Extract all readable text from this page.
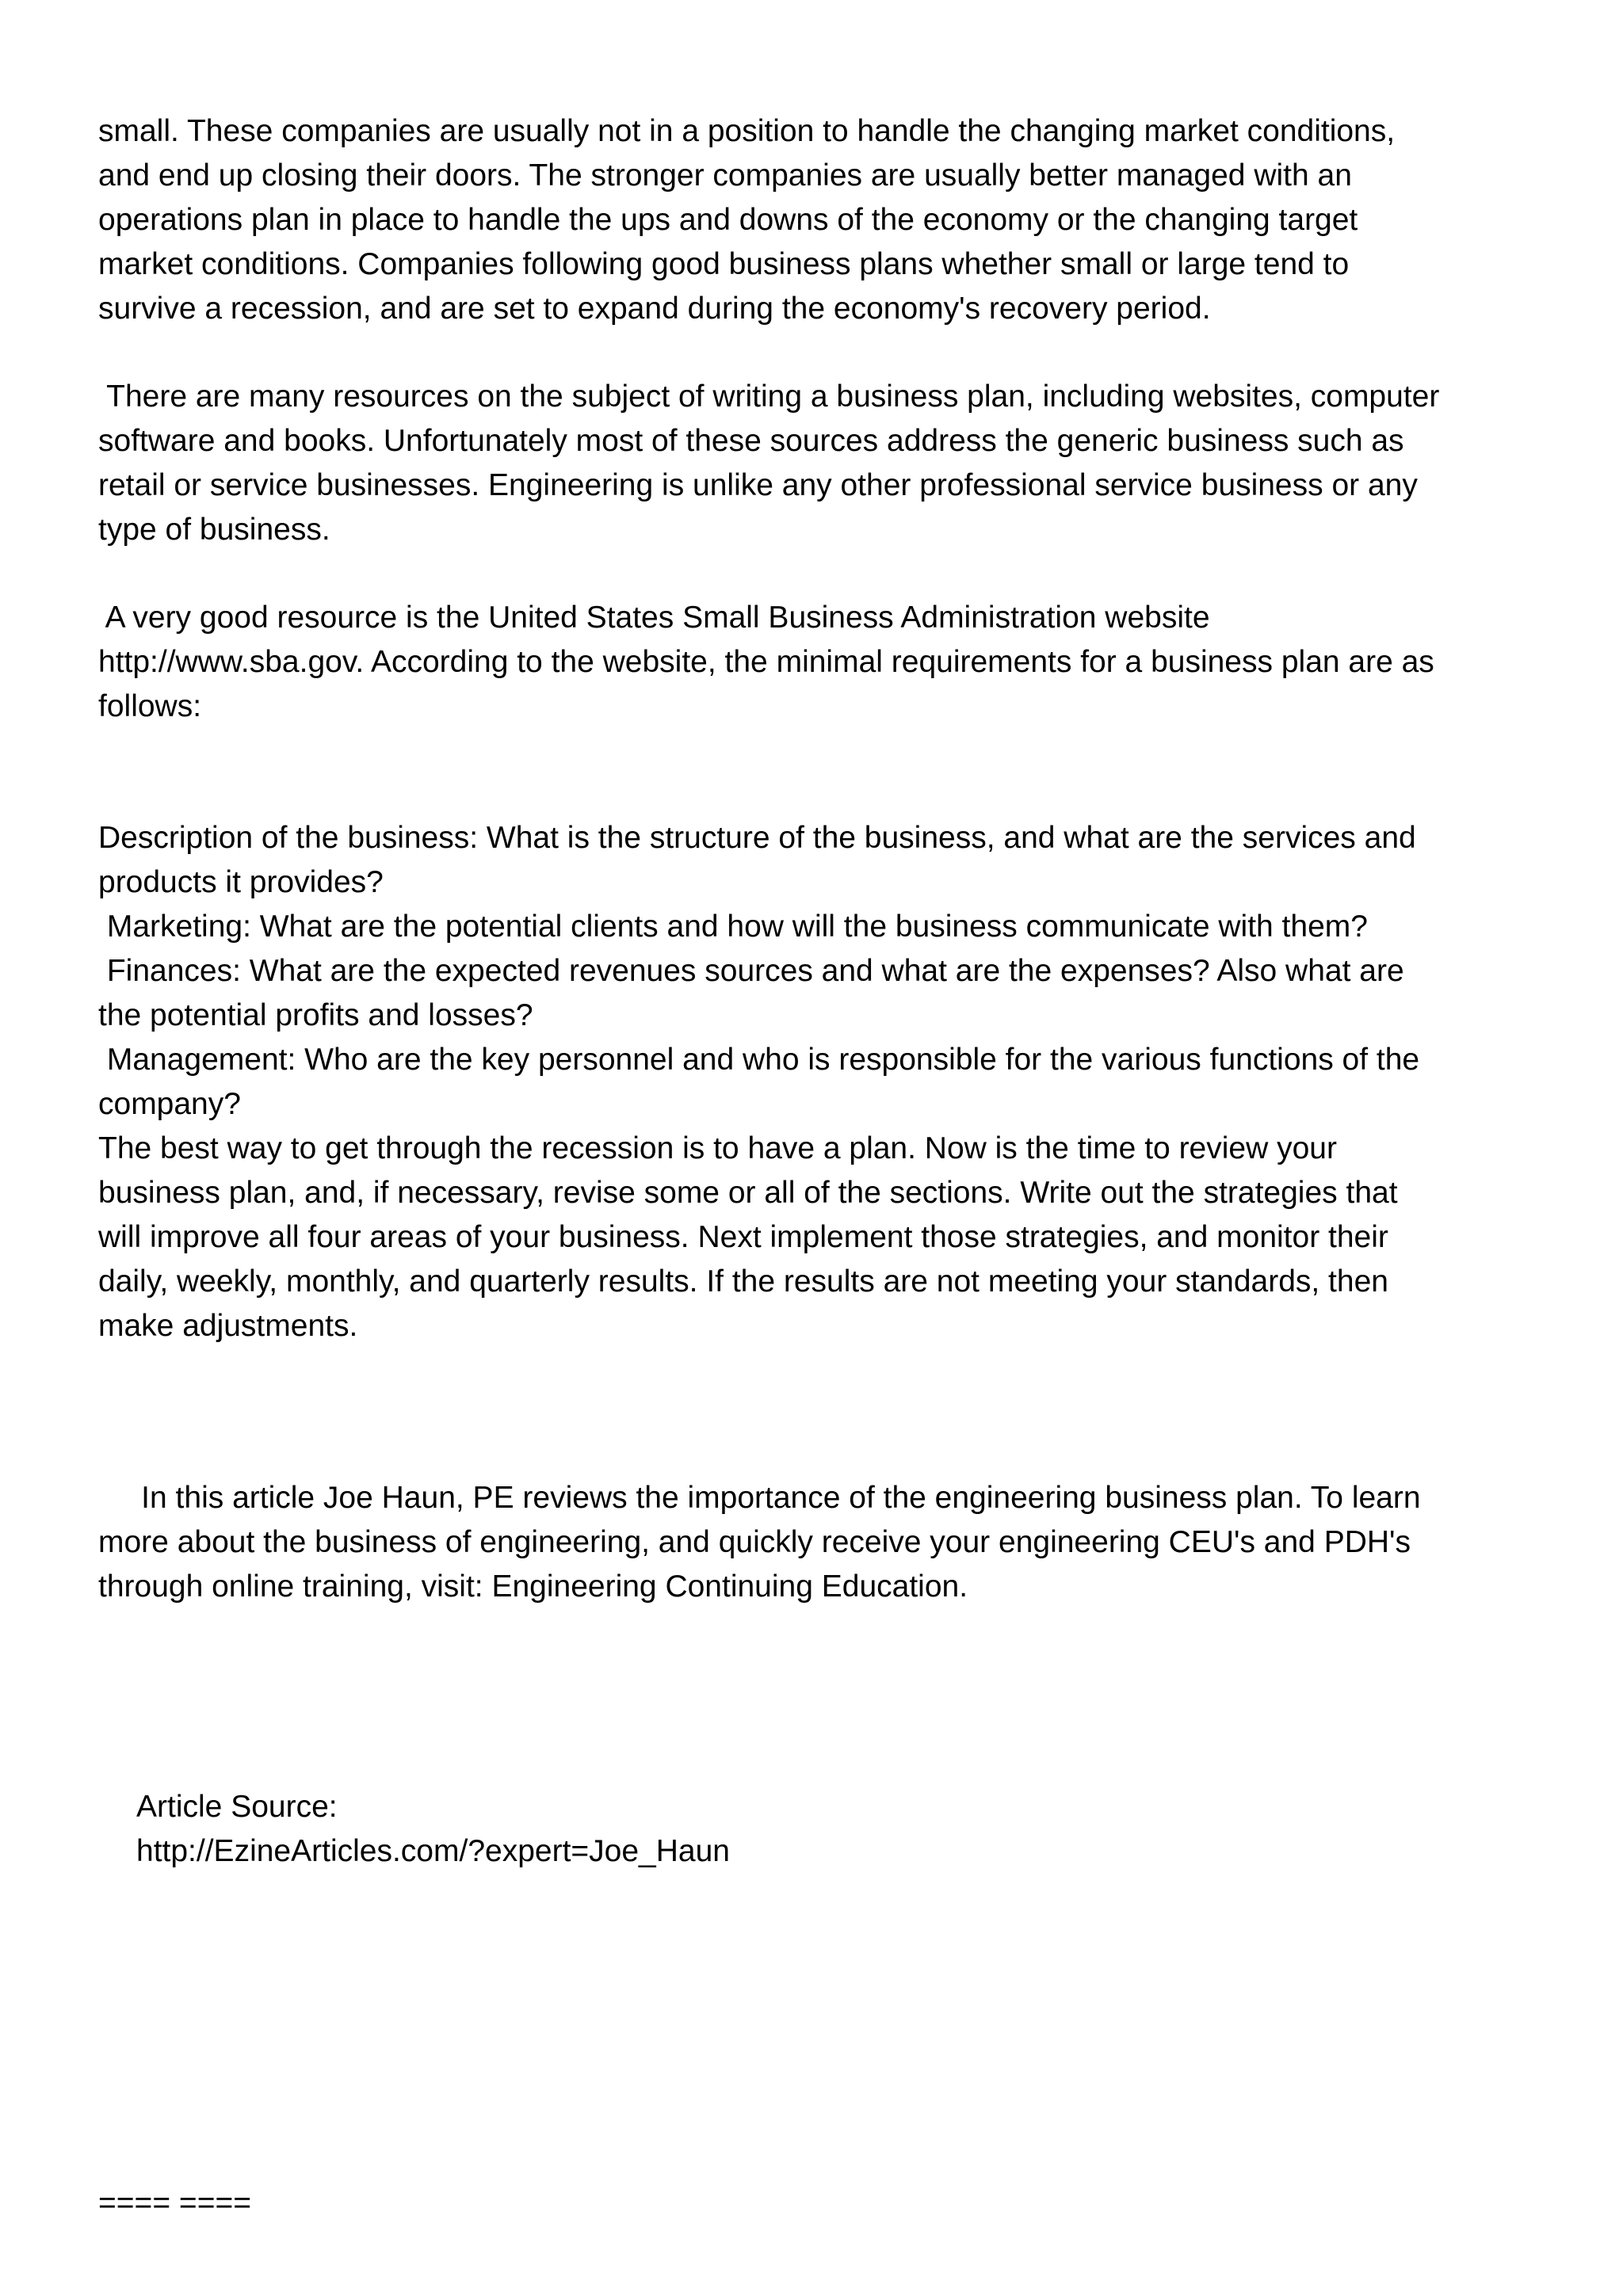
small. These companies are usually not in a position to handle the changing market conditions,
and end up closing their doors. The stronger companies are usually better managed with an
operations plan in place to handle the ups and downs of the economy or the changing target
market conditions. Companies following good business plans whether small or large tend to
survive a recession, and are set to expand during the economy's recovery period.
There are many resources on the subject of writing a business plan, including websites, computer
software and books. Unfortunately most of these sources address the generic business such as
retail or service businesses. Engineering is unlike any other professional service business or any
type of business.
A very good resource is the United States Small Business Administration website
http://www.sba.gov. According to the website, the minimal requirements for a business plan are as
follows:
Description of the business: What is the structure of the business, and what are the services and
products it provides?
Marketing: What are the potential clients and how will the business communicate with them?
Finances: What are the expected revenues sources and what are the expenses? Also what are
the potential profits and losses?
Management: Who are the key personnel and who is responsible for the various functions of the
company?
The best way to get through the recession is to have a plan. Now is the time to review your
business plan, and, if necessary, revise some or all of the sections. Write out the strategies that
will improve all four areas of your business. Next implement those strategies, and monitor their
daily, weekly, monthly, and quarterly results. If the results are not meeting your standards, then
make adjustments.
In this article Joe Haun, PE reviews the importance of the engineering business plan. To learn
more about the business of engineering, and quickly receive your engineering CEU's and PDH's
through online training, visit: Engineering Continuing Education.
Article Source:
http://EzineArticles.com/?expert=Joe_Haun
==== ====
